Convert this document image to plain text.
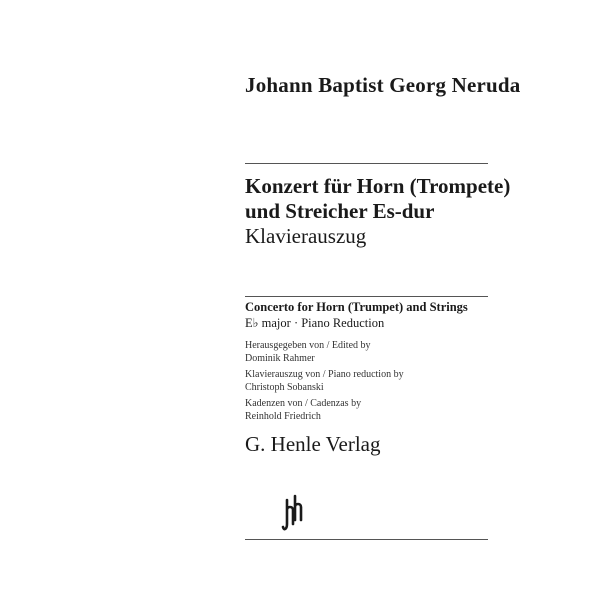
Johann Baptist Georg Neruda
Konzert für Horn (Trompete)
und Streicher Es-dur
Klavierauszug
Concerto for Horn (Trumpet) and Strings
E♭ major · Piano Reduction
Herausgegeben von / Edited by
Dominik Rahmer
Klavierauszug von / Piano reduction by
Christoph Sobanski
Kadenzen von / Cadenzas by
Reinhold Friedrich
G. Henle Verlag
